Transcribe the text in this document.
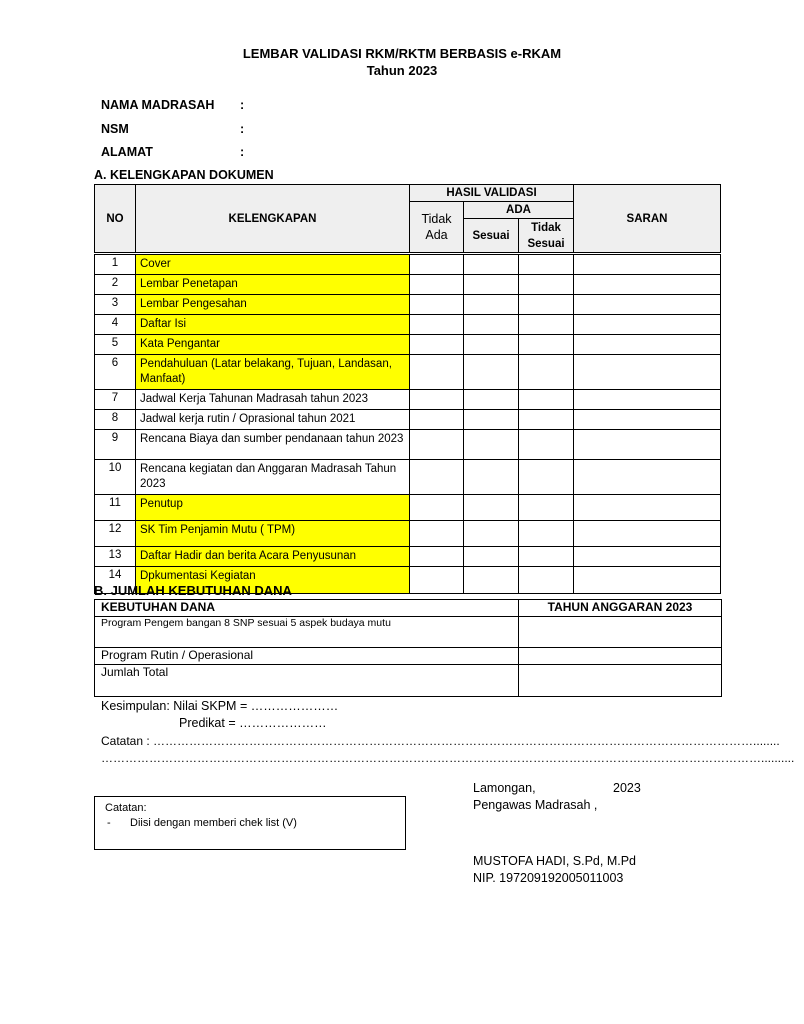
LEMBAR VALIDASI RKM/RKTM BERBASIS e-RKAM
Tahun 2023
NAMA MADRASAH :
NSM	:
ALAMAT	:
A. KELENGKAPAN DOKUMEN
NO	KELENGKAPAN	HASIL VALIDASI			SARAN
		Tidak Ada	ADA		
			Sesuai	Tidak Sesuai	

1	Cover				
2	Lembar Penetapan				
3	Lembar Pengesahan				
4	Daftar Isi				
5	Kata Pengantar				
6	Pendahuluan (Latar belakang, Tujuan, Landasan, Manfaat)				
7	Jadwal Kerja Tahunan Madrasah tahun 2023				
8	Jadwal kerja rutin / Oprasional tahun 2021				
9	Rencana Biaya dan sumber pendanaan tahun 2023				
10	Rencana kegiatan dan Anggaran Madrasah Tahun 2023				
11	Penutup				
12	SK Tim Penjamin Mutu ( TPM)				
13	Daftar Hadir dan berita Acara Penyusunan				
14	Dpkumentasi Kegiatan				
B. JUMLAH KEBUTUHAN DANA
KEBUTUHAN DANA	TAHUN ANGGARAN 2023
Program Pengem bangan 8 SNP sesuai 5 aspek budaya mutu	
Program Rutin / Operasional	
Jumlah Total	
Kesimpulan: Nilai SKPM = …………………
Predikat = …………………
Catatan : ……………………………………………………………………………………………………………………………………........
…………………………………………………………………………………………………………………………………………………..........
Lamongan,	2023
Pengawas Madrasah ,
MUSTOFA HADI, S.Pd, M.Pd
NIP. 197209192005011003
Catatan:
- Diisi dengan memberi chek list (V)
